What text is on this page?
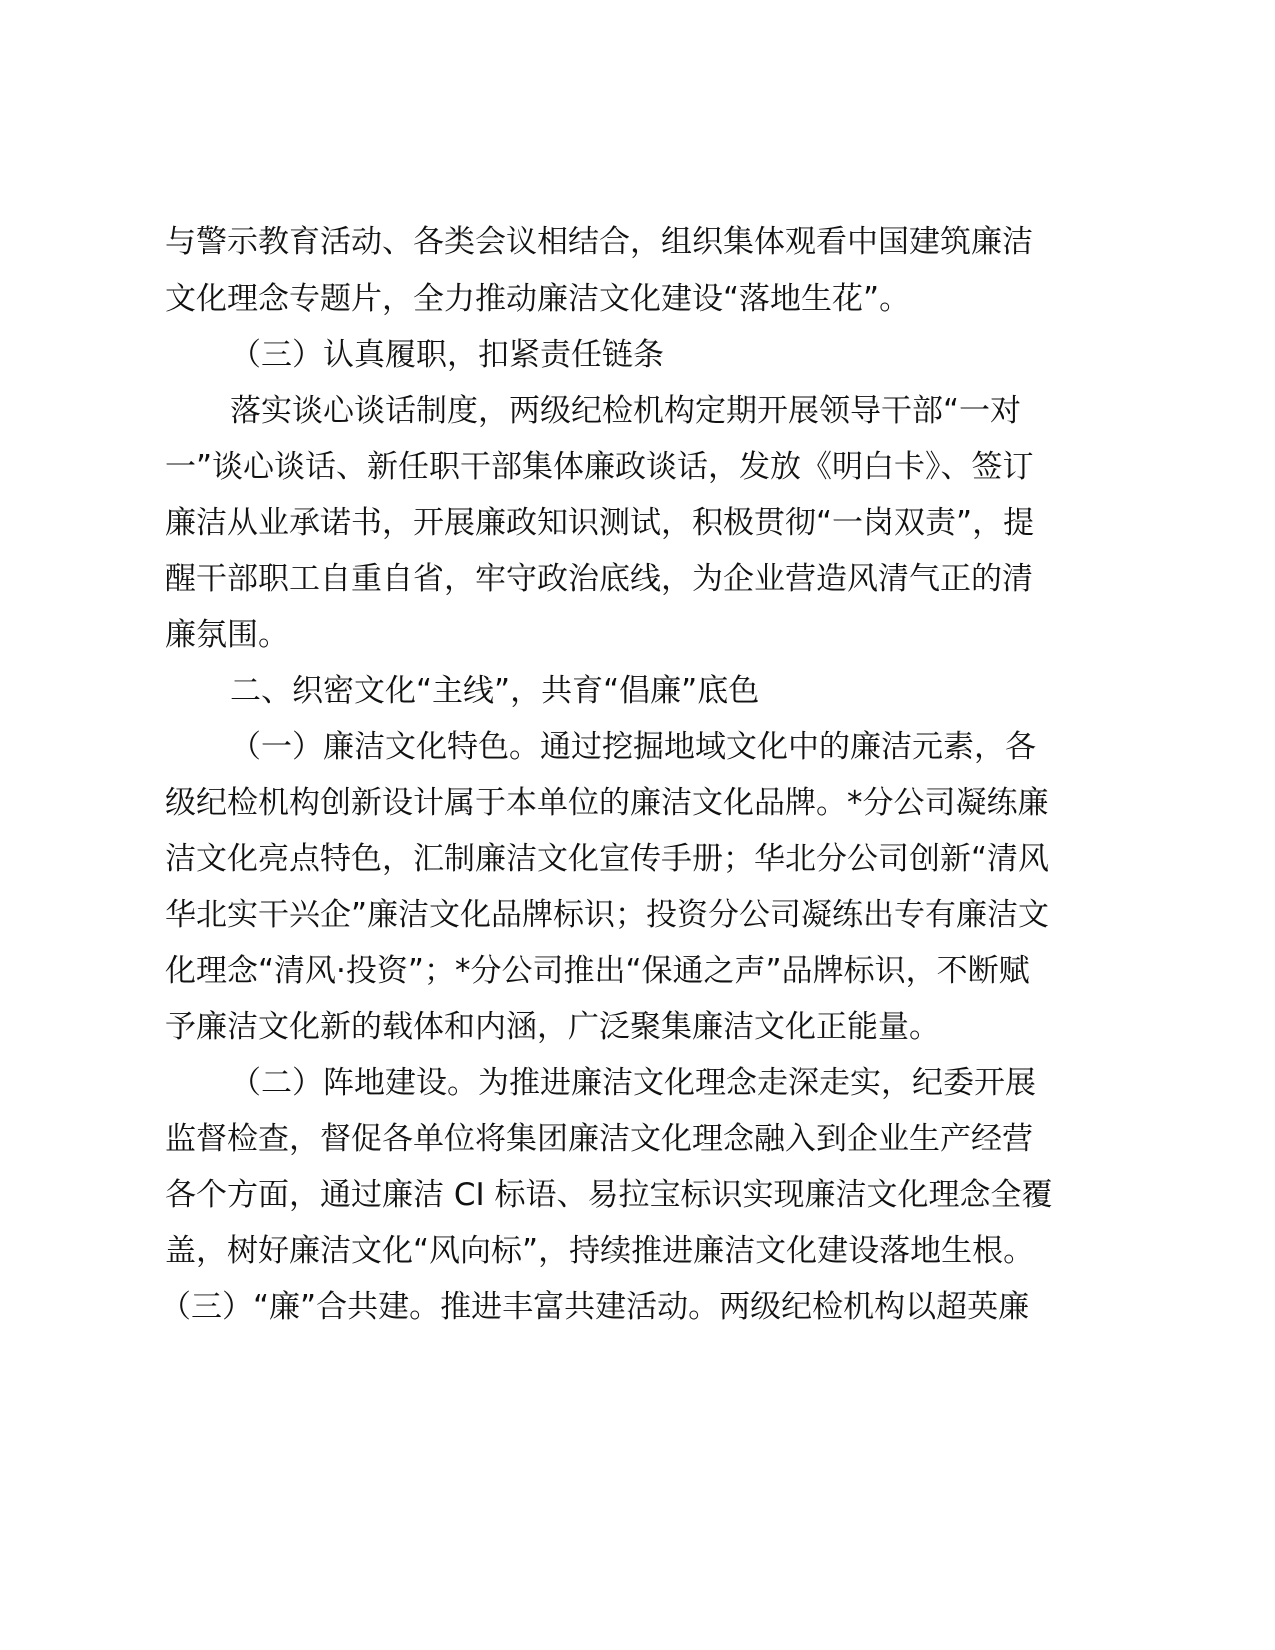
与警示教育活动、各类会议相结合，组织集体观看中国建筑廉洁
文化理念专题片，全力推动廉洁文化建设“落地生花”。
（三）认真履职，扣紧责任链条
落实谈心谈话制度，两级纪检机构定期开展领导干部“一对
一”谈心谈话、新任职干部集体廉政谈话，发放《明白卡》、签订
廉洁从业承诺书，开展廉政知识测试，积极贯彻“一岗双责”，提
醒干部职工自重自省，牢守政治底线，为企业营造风清气正的清
廉氛围。
二、织密文化“主线”，共育“倡廉”底色
（一）廉洁文化特色。通过挖掘地域文化中的廉洁元素，各
级纪检机构创新设计属于本单位的廉洁文化品牌。*分公司凝练廉
洁文化亮点特色，汇制廉洁文化宣传手册；华北分公司创新“清风
华北实干兴企”廉洁文化品牌标识；投资分公司凝练出专有廉洁文
化理念“清风·投资”；*分公司推出“保通之声”品牌标识，不断赋
予廉洁文化新的载体和内涵，广泛聚集廉洁文化正能量。
（二）阵地建设。为推进廉洁文化理念走深走实，纪委开展
监督检查，督促各单位将集团廉洁文化理念融入到企业生产经营
各个方面，通过廉洁 CI 标语、易拉宝标识实现廉洁文化理念全覆
盖，树好廉洁文化“风向标”，持续推进廉洁文化建设落地生根。
（三）“廉”合共建。推进丰富共建活动。两级纪检机构以超英廉
